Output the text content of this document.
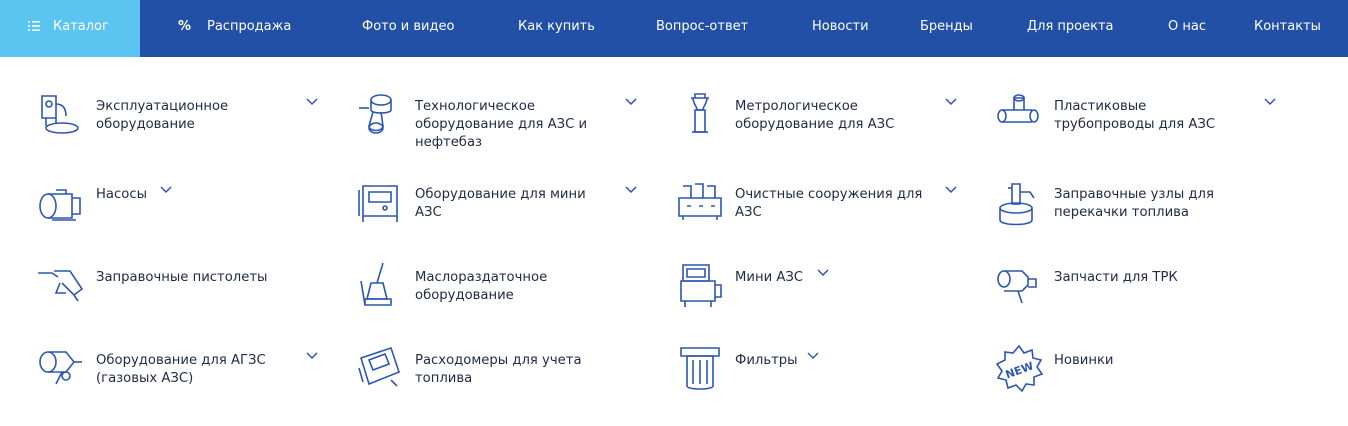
Каталог	% Распродажа	Фото и видео	Как купить	Вопрос-ответ	Новости	Бренды	Для проекта	О нас	Контакты
Эксплуатационное
оборудование
Технологическое
оборудование для АЗС и
нефтебаз
Метрологическое
оборудование для АЗС
Пластиковые
трубопроводы для АЗС
Насосы	Оборудование для мини
АЗС
Очистные сооружения для
АЗС
Заправочные узлы для
перекачки топлива
Заправочные пистолеты	Маслораздаточное
оборудование
Мини АЗС	Запчасти для ТРК
Оборудование для АГЗС
(газовых АЗС)
Расходомеры для учета
топлива
Фильтры	NEW Новинки
